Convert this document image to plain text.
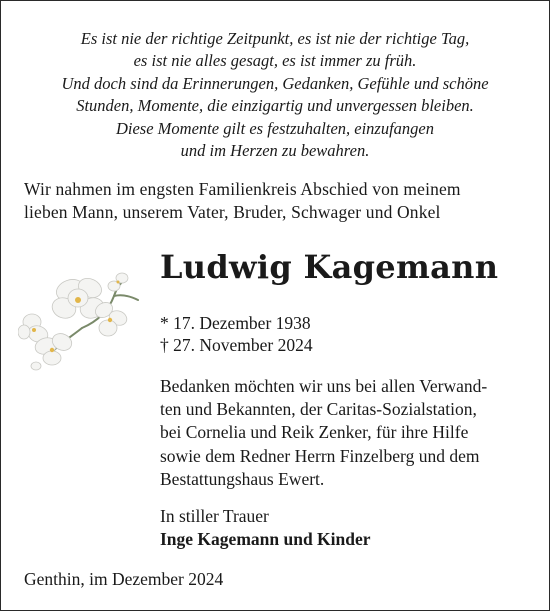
Es ist nie der richtige Zeitpunkt, es ist nie der richtige Tag,
es ist nie alles gesagt, es ist immer zu früh.
Und doch sind da Erinnerungen, Gedanken, Gefühle und schöne
Stunden, Momente, die einzigartig und unvergessen bleiben.
Diese Momente gilt es festzuhalten, einzufangen
und im Herzen zu bewahren.
Wir nahmen im engsten Familienkreis Abschied von meinem
lieben Mann, unserem Vater, Bruder, Schwager und Onkel
Ludwig Kagemann
* 17. Dezember 1938
† 27. November 2024
Bedanken möchten wir uns bei allen Verwand-
ten und Bekannten, der Caritas-Sozialstation,
bei Cornelia und Reik Zenker, für ihre Hilfe
sowie dem Redner Herrn Finzelberg und dem
Bestattungshaus Ewert.
In stiller Trauer
Inge Kagemann und Kinder
Genthin, im Dezember 2024
